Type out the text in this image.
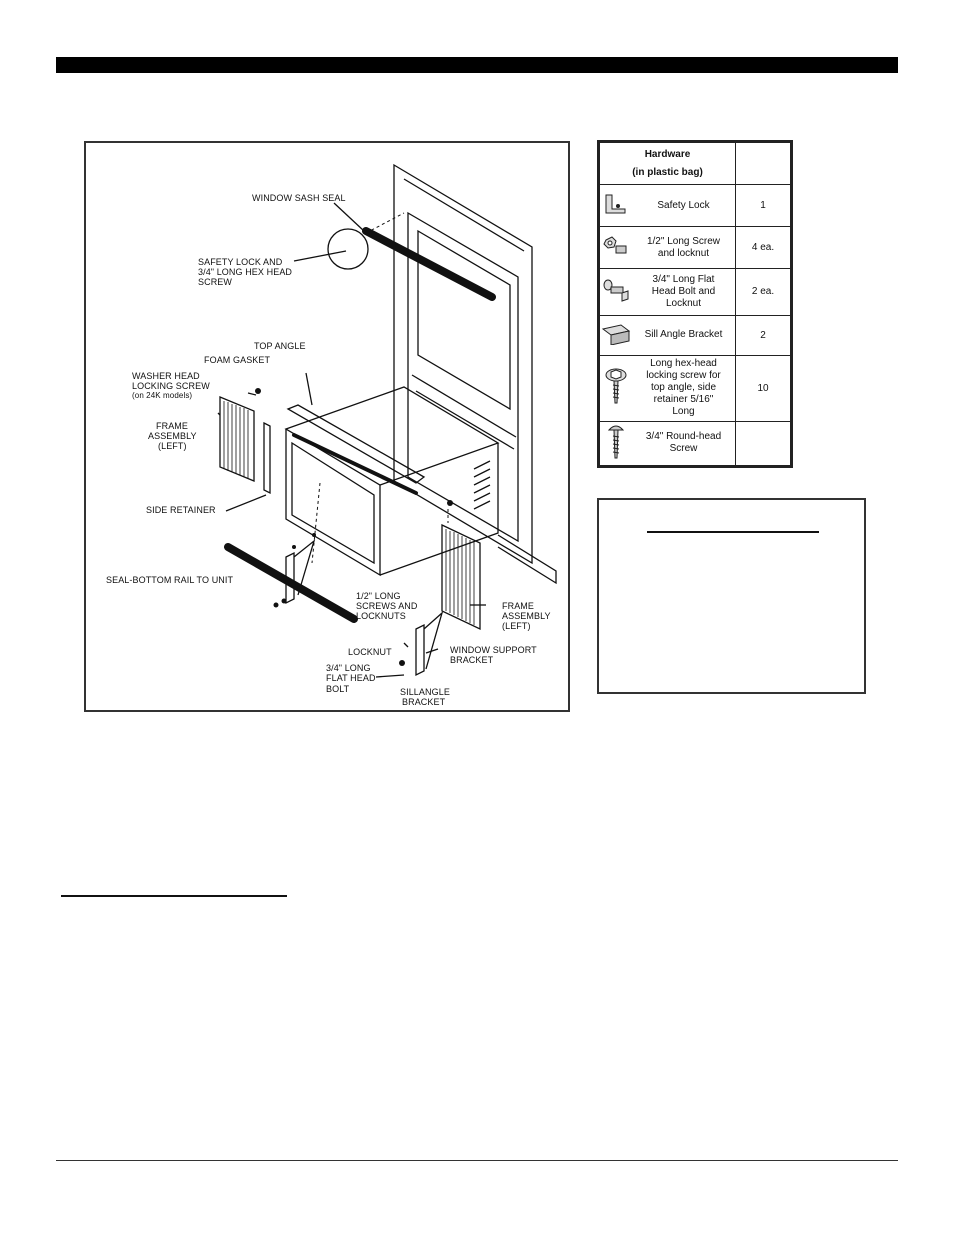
WINDOW SASH SEAL
SAFETY LOCK AND
3/4" LONG HEX HEAD
SCREW
TOP ANGLE
FOAM GASKET
WASHER HEAD
LOCKING SCREW
(on 24K models)
FRAME
ASSEMBLY
(LEFT)
SIDE RETAINER
SEAL-BOTTOM RAIL TO UNIT
1/2" LONG
SCREWS AND
LOCKNUTS
FRAME
ASSEMBLY
(LEFT)
LOCKNUT	WINDOW SUPPORT
BRACKET
3/4" LONG
FLAT HEAD
BOLT	SILLANGLE
BRACKET
Hardware
(in plastic bag)		

Safety Lock	1

1/2" Long Screw
and locknut	4 ea.

3/4" Long Flat
Head Bolt and
Locknut	2 ea.

Sill Angle Bracket	2

Long hex-head
locking screw for
top angle, side
retainer 5/16"
Long	10

3/4" Round-head
Screw	
